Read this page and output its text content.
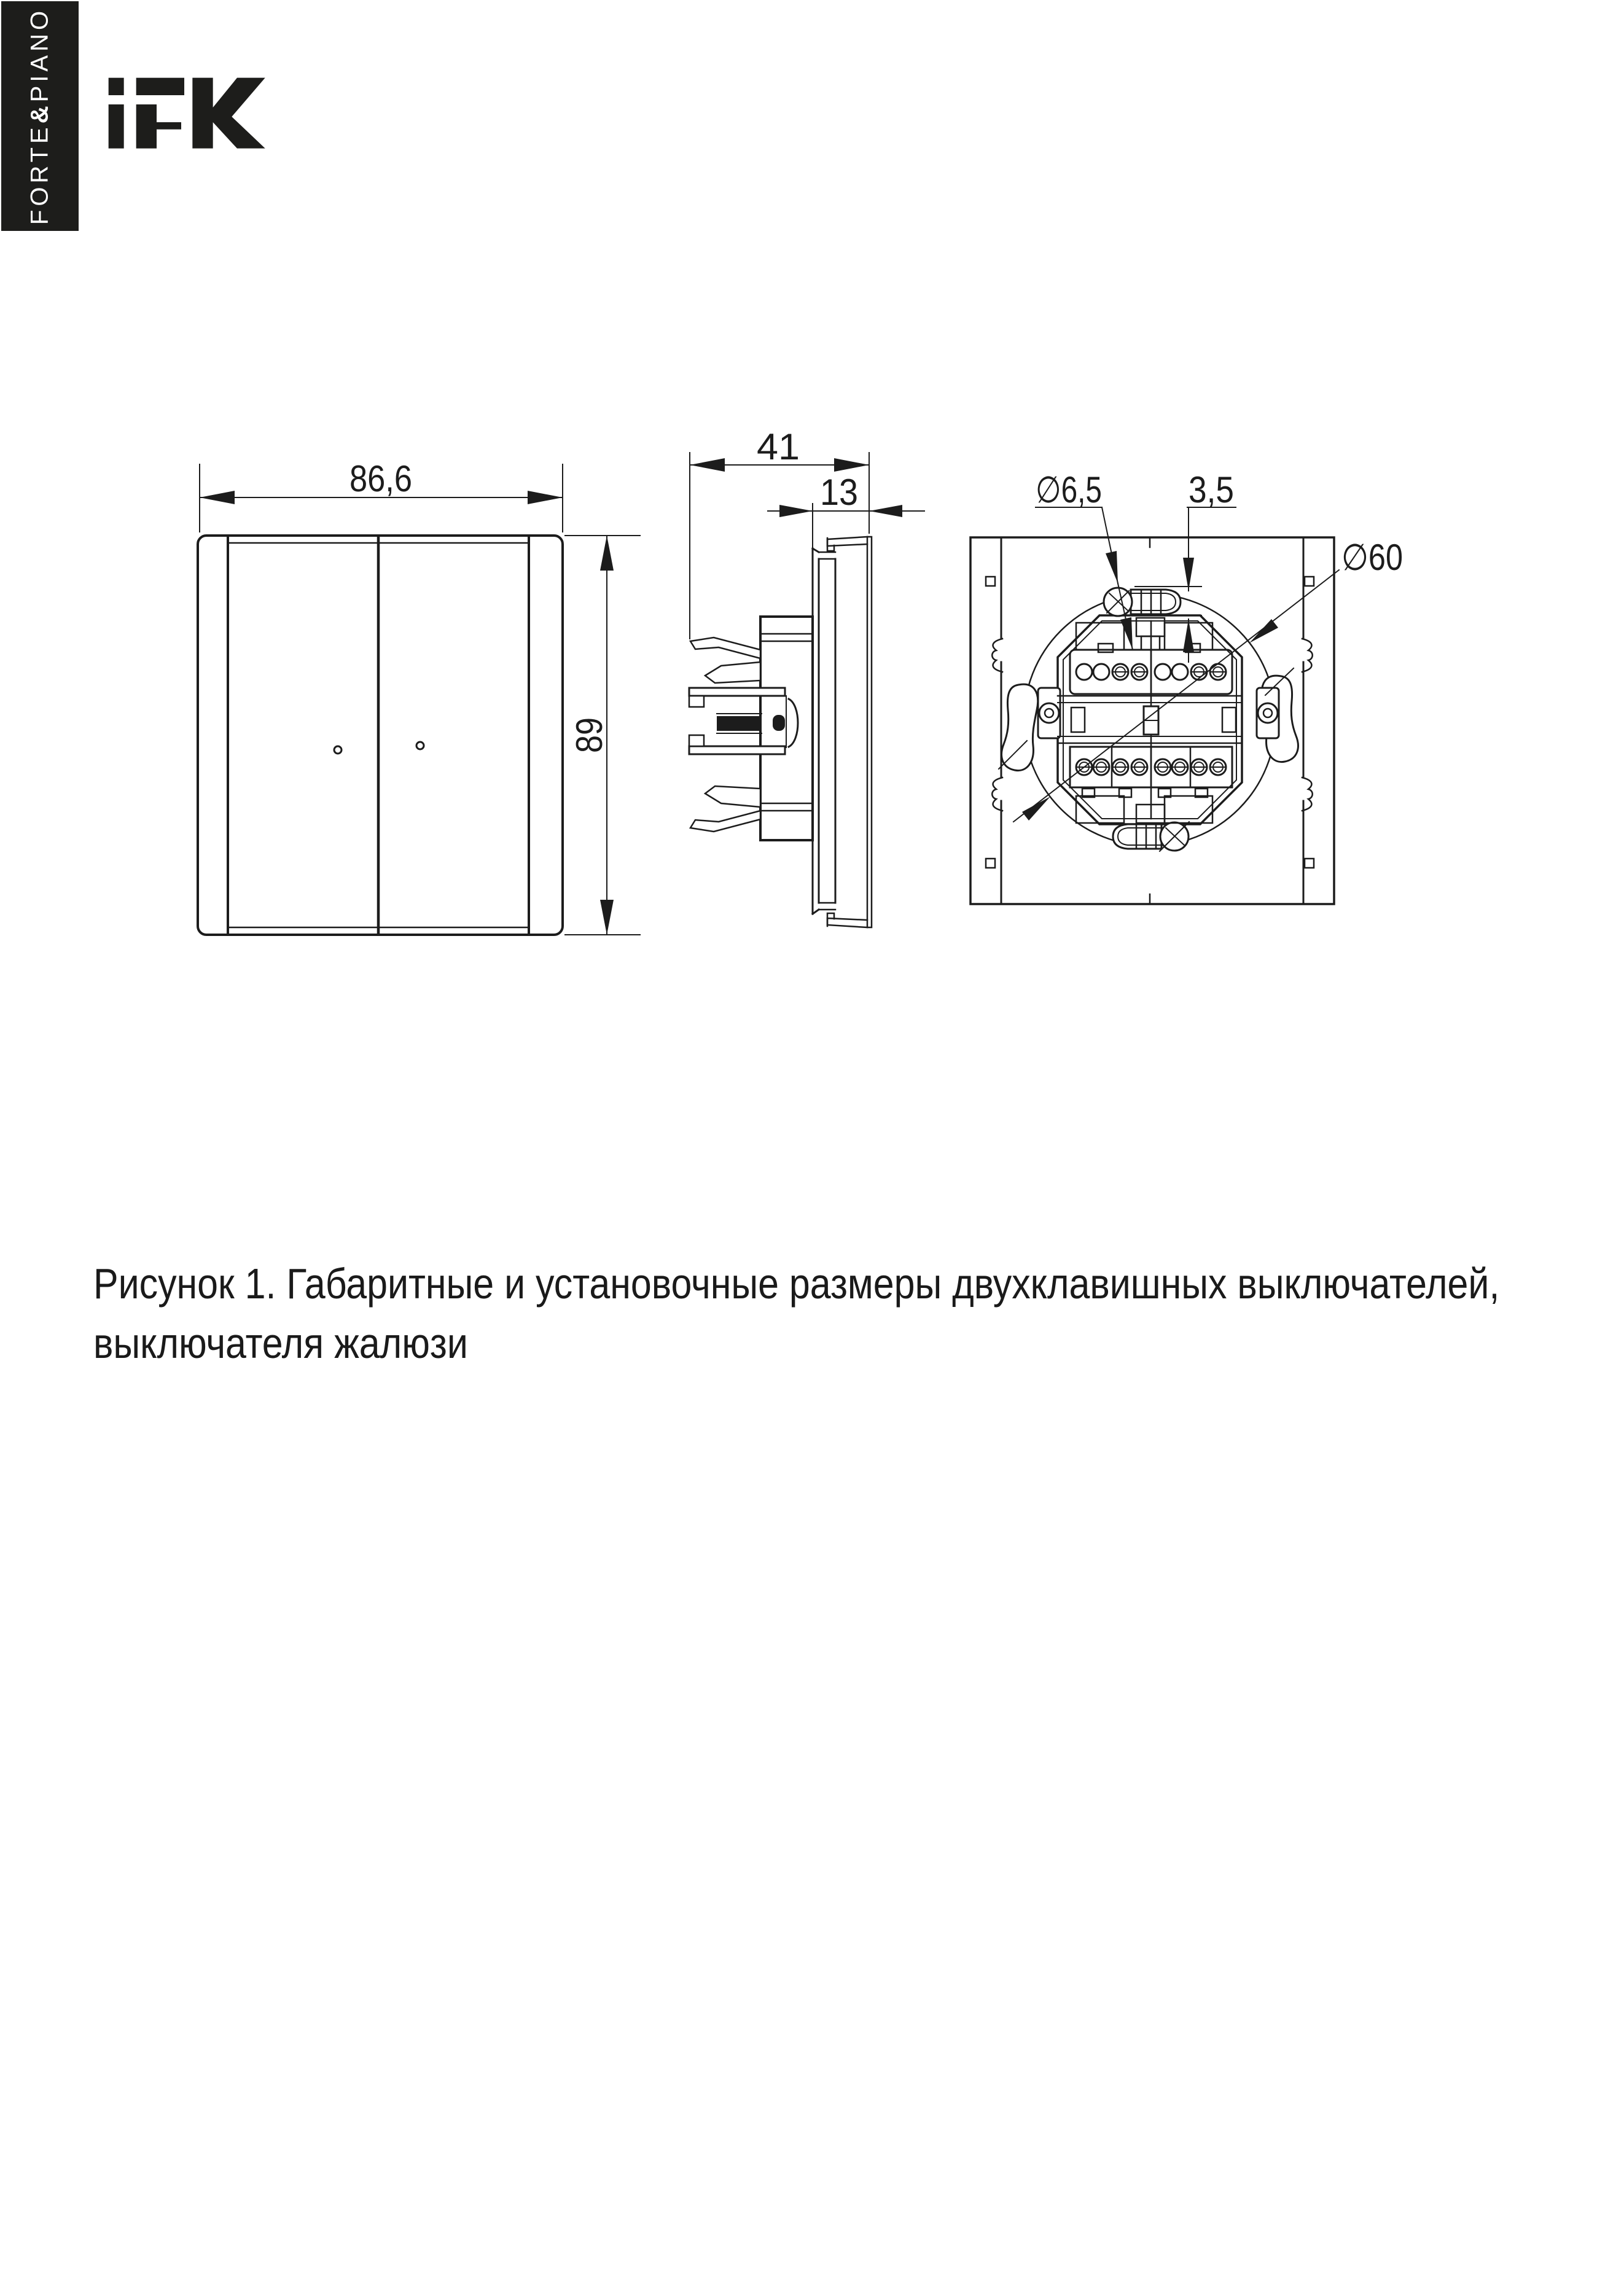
FORTE&PIANO
86,6
89
41
13	∅6,5 3,5
∅60
Рисунок 1. Габаритные и установочные размеры двухклавишных выключателей,
выключателя жалюзи
